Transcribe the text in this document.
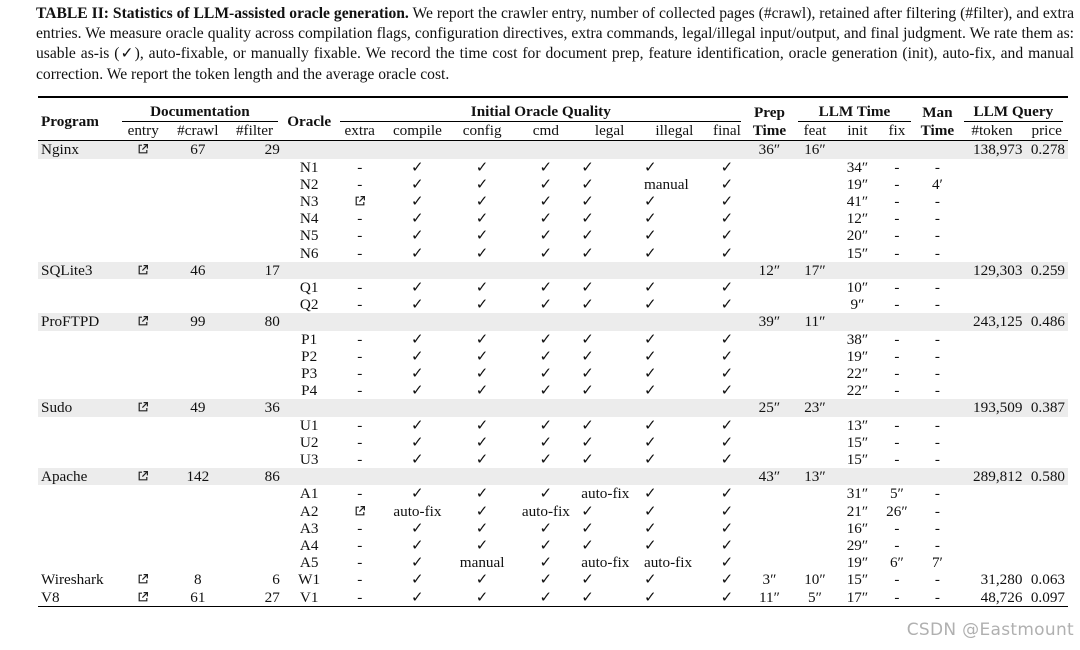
TABLE II: Statistics of LLM-assisted oracle generation. We report the crawler entry, number of collected pages (#crawl), retained after filtering (#filter), and extra entries. We measure oracle quality across compilation flags, configuration directives, extra commands, legal/illegal input/output, and final judgment. We rate them as: usable as-is (✓), auto-fixable, or manually fixable. We record the time cost for document prep, feature identification, oracle generation (init), auto-fix, and manual correction. We report the token length and the average oracle cost.
Program	Documentation			Oracle	Initial Oracle Quality							Prep	LLM Time			Man	LLM Query	

	entry	#crawl	#filter		extra	compile	config	cmd	legal	illegal	final	Time	feat	init	fix	Time	#token	price
Nginx		67	29									36″	16″				138,973	0.278
				N1	-	✓	✓	✓	✓	✓	✓			34″	-	-		
				N2	-	✓	✓	✓	✓	manual	✓			19″	-	4′		
				N3		✓	✓	✓	✓	✓	✓			41″	-	-		
				N4	-	✓	✓	✓	✓	✓	✓			12″	-	-		
				N5	-	✓	✓	✓	✓	✓	✓			20″	-	-		
				N6	-	✓	✓	✓	✓	✓	✓			15″	-	-		
SQLite3		46	17									12″	17″				129,303	0.259
				Q1	-	✓	✓	✓	✓	✓	✓			10″	-	-		
				Q2	-	✓	✓	✓	✓	✓	✓			9″	-	-		
ProFTPD		99	80									39″	11″				243,125	0.486
				P1	-	✓	✓	✓	✓	✓	✓			38″	-	-		
				P2	-	✓	✓	✓	✓	✓	✓			19″	-	-		
				P3	-	✓	✓	✓	✓	✓	✓			22″	-	-		
				P4	-	✓	✓	✓	✓	✓	✓			22″	-	-		
Sudo		49	36									25″	23″				193,509	0.387
				U1	-	✓	✓	✓	✓	✓	✓			13″	-	-		
				U2	-	✓	✓	✓	✓	✓	✓			15″	-	-		
				U3	-	✓	✓	✓	✓	✓	✓			15″	-	-		
Apache		142	86									43″	13″				289,812	0.580
				A1	-	✓	✓	✓	auto-fix	✓	✓			31″	5″	-		
				A2		auto-fix	✓	auto-fix	✓	✓	✓			21″	26″	-		
				A3	-	✓	✓	✓	✓	✓	✓			16″	-	-		
				A4	-	✓	✓	✓	✓	✓	✓			29″	-	-		
				A5	-	✓	manual	✓	auto-fix	auto-fix	✓			19″	6″	7′		
Wireshark		8	6	W1	-	✓	✓	✓	✓	✓	✓	3″	10″	15″	-	-	31,280	0.063
V8		61	27	V1	-	✓	✓	✓	✓	✓	✓	11″	5″	17″	-	-	48,726	0.097
CSDN @Eastmount
